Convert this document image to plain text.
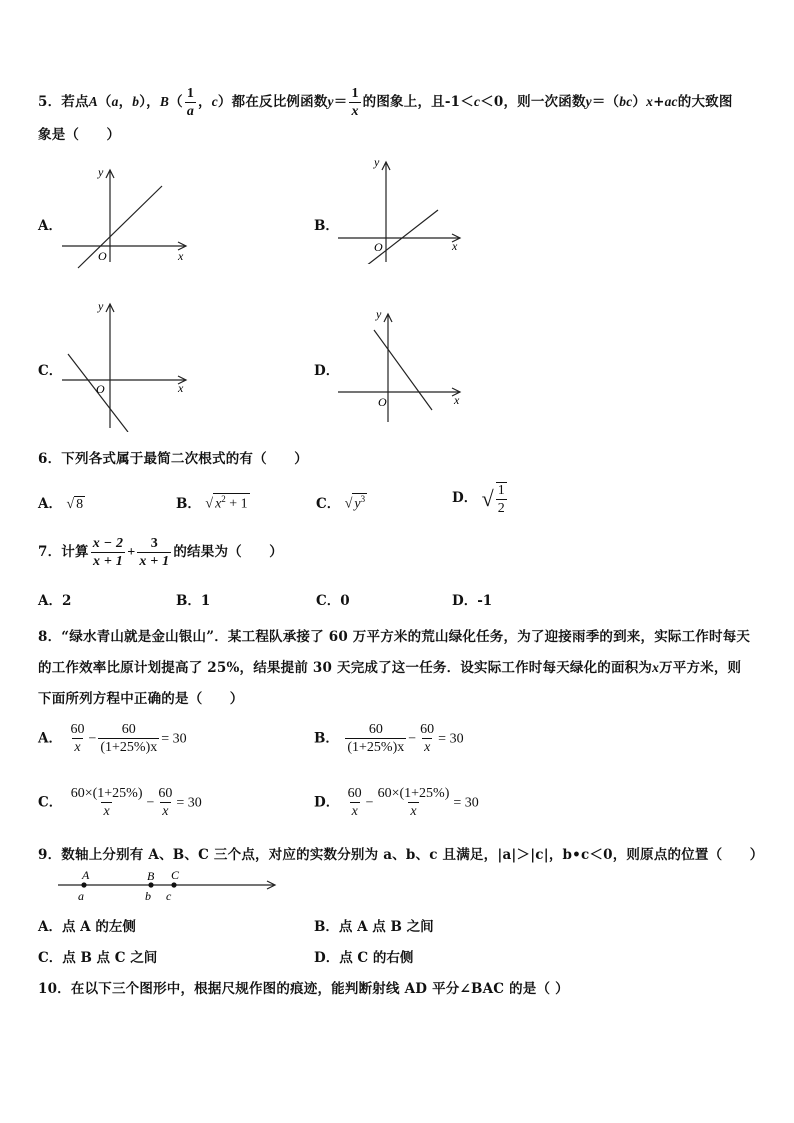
5．若点A（a，b），$B( \frac{1}{a}$ ，c）都在反比例函数$y= \frac{1}{x}$ 的图象上，且-1＜c＜0，则一次函数y＝（bc）x+ac的大致图
象是（　　）
A．
y
x
O
B．
y
x
O
C．
y
x
O
D．
y
x
O
6．下列各式属于最简二次根式的有（　　）
A． √ 8	B． √ $x^2 + 1$	C． √ $y^3$	D． √ $\frac{1}{2}$
7．计算 $\frac{x - 2}{x + 1} + \frac{3}{x + 1}$ 的结果为（　　）
A．2	B．1	C．0	D．-1
8．“绿水青山就是金山银山”．某工程队承接了 60 万平方米的荒山绿化任务，为了迎接雨季的到来，实际工作时每天
的工作效率比原计划提高了 25%，结果提前 30 天完成了这一任务．设实际工作时每天绿化的面积为x万平方米，则
下面所列方程中正确的是（　　）
A． $\frac{60}{x} - \frac{60}{(1+25\%)x} = 30$	B． $\frac{60}{(1+25\%)x} - \frac{60}{x} = 30$
C． $\frac{60\times(1+25\%)}{x} - \frac{60}{x} = 30$	D． $\frac{60}{x} - \frac{60\times(1+25\%)}{x} = 30$
9．数轴上分别有 A、B、C 三个点，对应的实数分别为 a、b、c 且满足，|a|＞|c|，b•c＜0，则原点的位置（　　）
A
a
B
b
C
c
A．点 A 的左侧	B．点 A 点 B 之间
C．点 B 点 C 之间	D．点 C 的右侧
10．在以下三个图形中，根据尺规作图的痕迹，能判断射线 AD 平分∠BAC 的是（ ）
